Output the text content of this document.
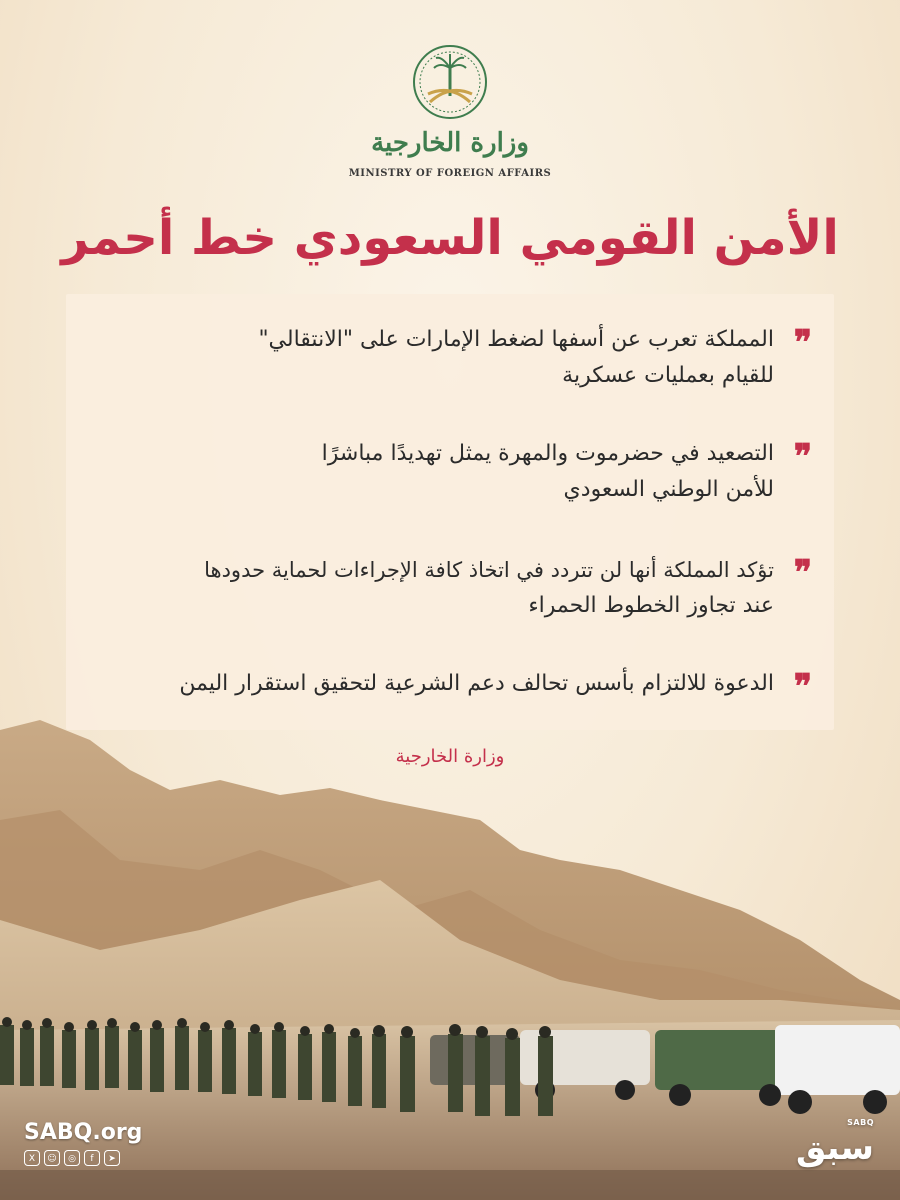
وزارة الخارجية
MINISTRY OF FOREIGN AFFAIRS
الأمن القومي السعودي خط أحمر
❞
المملكة تعرب عن أسفها لضغط الإمارات على "الانتقالي"
للقيام بعمليات عسكرية
❞
التصعيد في حضرموت والمهرة يمثل تهديدًا مباشرًا
للأمن الوطني السعودي
❞
تؤكد المملكة أنها لن تتردد في اتخاذ كافة الإجراءات لحماية حدودها
عند تجاوز الخطوط الحمراء
❞
الدعوة للالتزام بأسس تحالف دعم الشرعية لتحقيق استقرار اليمن
وزارة الخارجية
SABQ.org
X	☺	◎	f	➤
SABQ
سبق
